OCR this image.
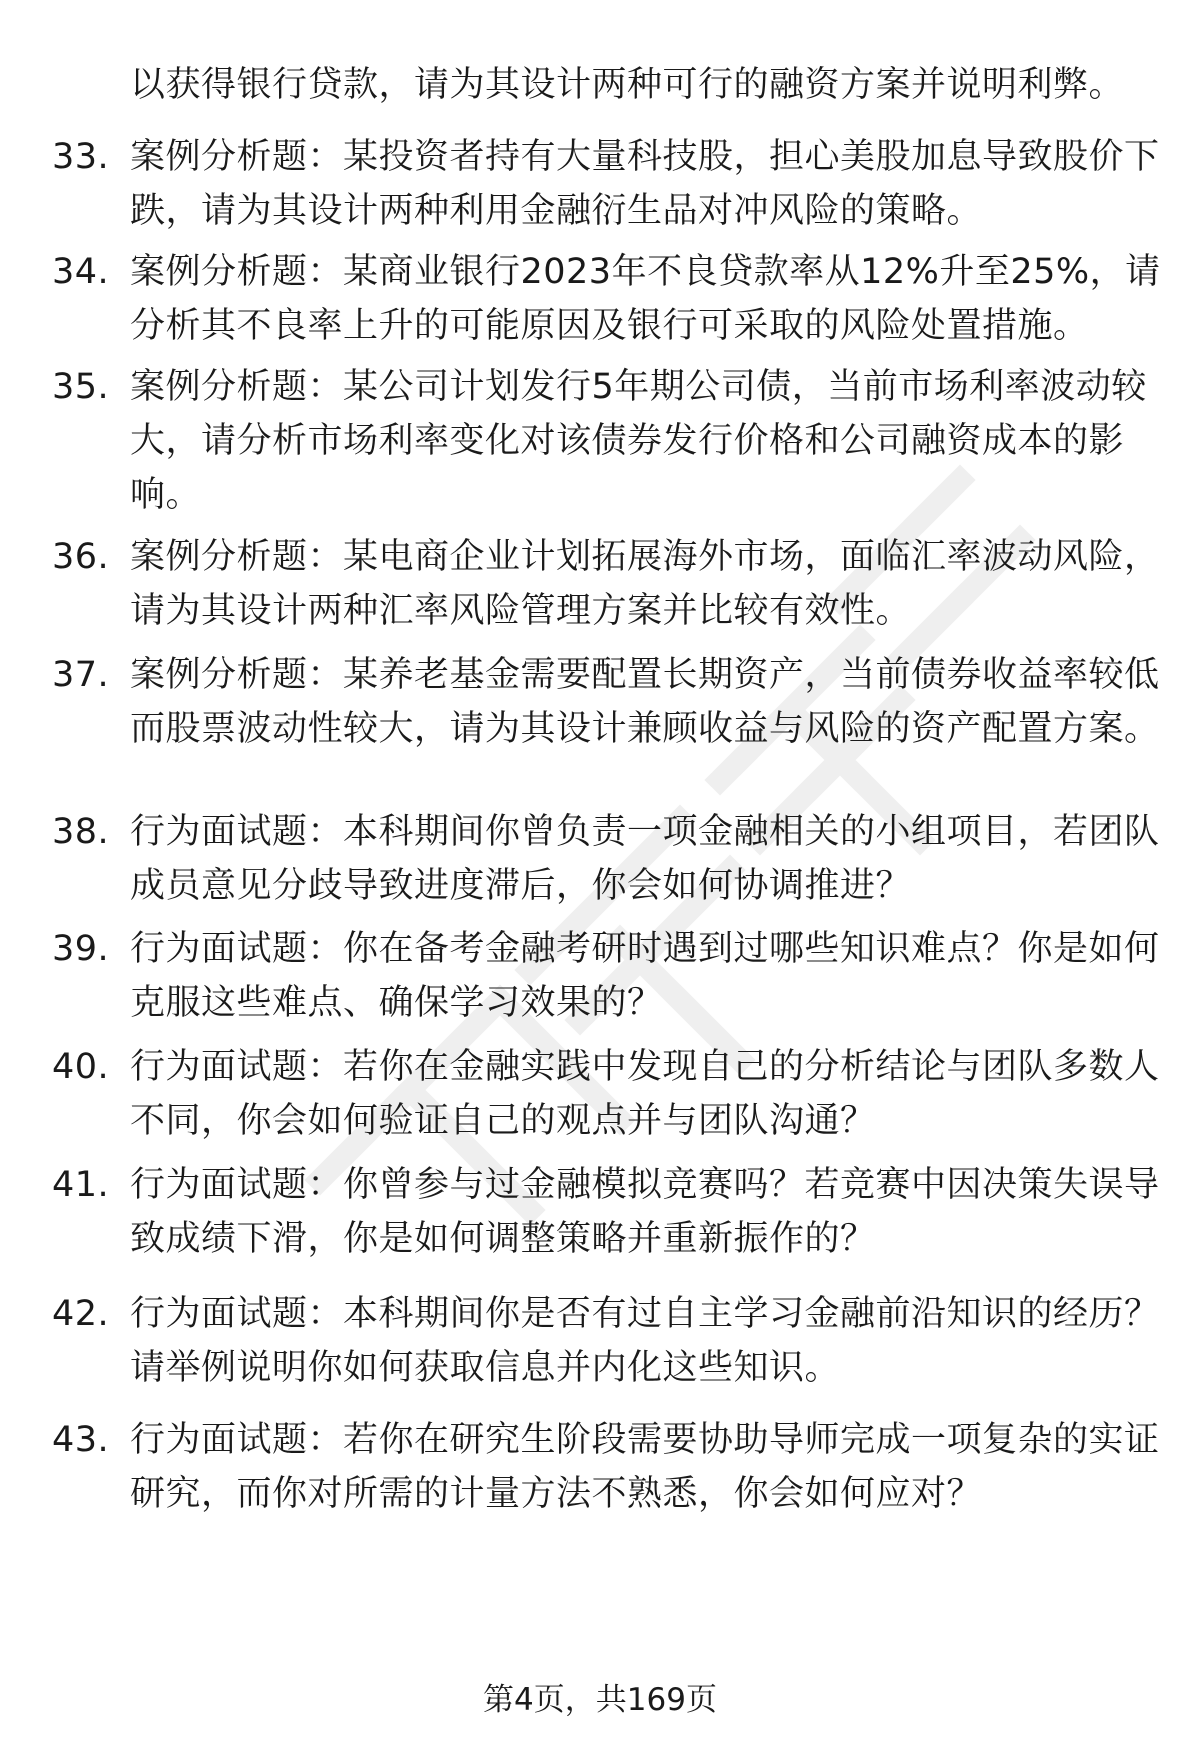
以获得银行贷款，请为其设计两种可行的融资方案并说明利弊。
33. 案例分析题：某投资者持有大量科技股，担心美股加息导致股价下跌，请为其设计两种利用金融衍生品对冲风险的策略。
34. 案例分析题：某商业银行2023年不良贷款率从12%升至25%，请分析其不良率上升的可能原因及银行可采取的风险处置措施。
35. 案例分析题：某公司计划发行5年期公司债，当前市场利率波动较大，请分析市场利率变化对该债券发行价格和公司融资成本的影响。
36. 案例分析题：某电商企业计划拓展海外市场，面临汇率波动风险，请为其设计两种汇率风险管理方案并比较有效性。
37. 案例分析题：某养老基金需要配置长期资产，当前债券收益率较低而股票波动性较大，请为其设计兼顾收益与风险的资产配置方案。
38. 行为面试题：本科期间你曾负责一项金融相关的小组项目，若团队成员意见分歧导致进度滞后，你会如何协调推进？
39. 行为面试题：你在备考金融考研时遇到过哪些知识难点？你是如何克服这些难点、确保学习效果的？
40. 行为面试题：若你在金融实践中发现自己的分析结论与团队多数人不同，你会如何验证自己的观点并与团队沟通？
41. 行为面试题：你曾参与过金融模拟竞赛吗？若竞赛中因决策失误导致成绩下滑，你是如何调整策略并重新振作的？
42. 行为面试题：本科期间你是否有过自主学习金融前沿知识的经历？请举例说明你如何获取信息并内化这些知识。
43. 行为面试题：若你在研究生阶段需要协助导师完成一项复杂的实证研究，而你对所需的计量方法不熟悉，你会如何应对？
第4页，共169页
